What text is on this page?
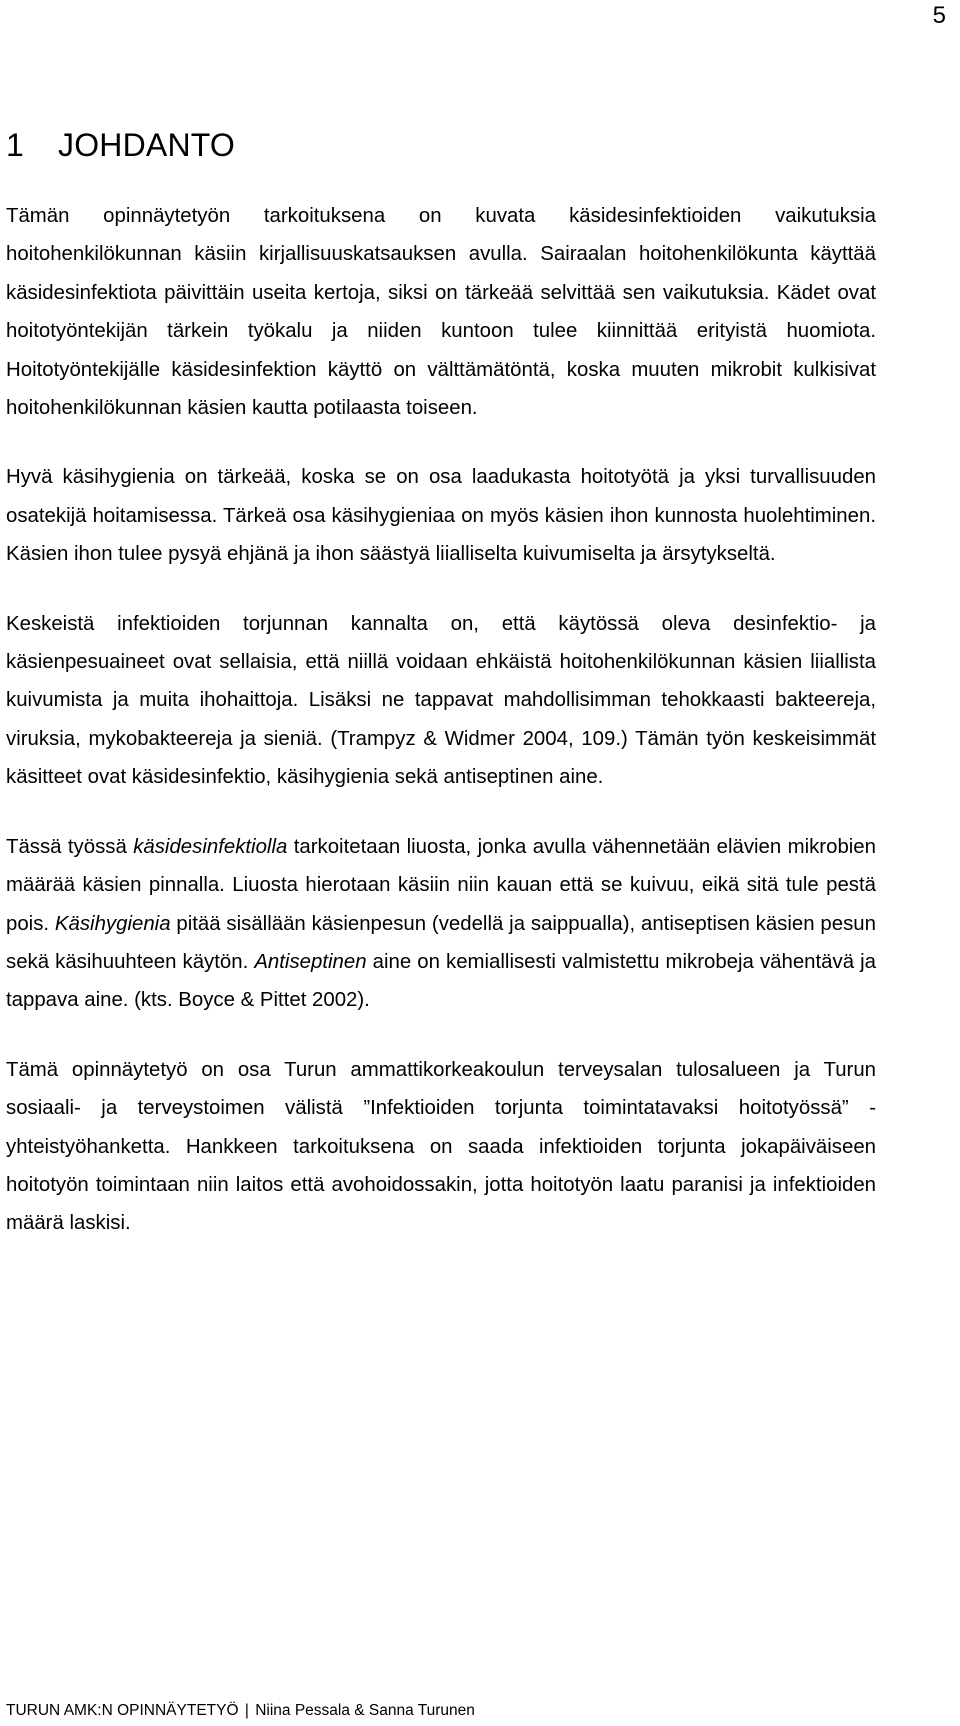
5
1 JOHDANTO

Tämän opinnäytetyön tarkoituksena on kuvata käsidesinfektioiden vaikutuksia hoitohenkilökunnan käsiin kirjallisuuskatsauksen avulla. Sairaalan hoitohenkilökunta käyttää käsidesinfektiota päivittäin useita kertoja, siksi on tärkeää selvittää sen vaikutuksia. Kädet ovat hoitotyöntekijän tärkein työkalu ja niiden kuntoon tulee kiinnittää erityistä huomiota. Hoitotyöntekijälle käsidesinfektion käyttö on välttämätöntä, koska muuten mikrobit kulkisivat hoitohenkilökunnan käsien kautta potilaasta toiseen.

Hyvä käsihygienia on tärkeää, koska se on osa laadukasta hoitotyötä ja yksi turvallisuuden osatekijä hoitamisessa. Tärkeä osa käsihygieniaa on myös käsien ihon kunnosta huolehtiminen. Käsien ihon tulee pysyä ehjänä ja ihon säästyä liialliselta kuivumiselta ja ärsytykseltä.

Keskeistä infektioiden torjunnan kannalta on, että käytössä oleva desinfektio- ja käsienpesuaineet ovat sellaisia, että niillä voidaan ehkäistä hoitohenkilökunnan käsien liiallista kuivumista ja muita ihohaittoja. Lisäksi ne tappavat mahdollisimman tehokkaasti bakteereja, viruksia, mykobakteereja ja sieniä. (Trampyz & Widmer 2004, 109.) Tämän työn keskeisimmät käsitteet ovat käsidesinfektio, käsihygienia sekä antiseptinen aine.

Tässä työssä käsidesinfektiolla tarkoitetaan liuosta, jonka avulla vähennetään elävien mikrobien määrää käsien pinnalla. Liuosta hierotaan käsiin niin kauan että se kuivuu, eikä sitä tule pestä pois. Käsihygienia pitää sisällään käsienpesun (vedellä ja saippualla), antiseptisen käsien pesun sekä käsihuuhteen käytön. Antiseptinen aine on kemiallisesti valmistettu mikrobeja vähentävä ja tappava aine. (kts. Boyce & Pittet 2002).

Tämä opinnäytetyö on osa Turun ammattikorkeakoulun terveysalan tulosalueen ja Turun sosiaali- ja terveystoimen välistä ”Infektioiden torjunta toimintatavaksi hoitotyössä” -yhteistyöhanketta. Hankkeen tarkoituksena on saada infektioiden torjunta jokapäiväiseen hoitotyön toimintaan niin laitos että avohoidossakin, jotta hoitotyön laatu paranisi ja infektioiden määrä laskisi.

TURUN AMK:N OPINNÄYTETYÖ | Niina Pessala & Sanna Turunen
